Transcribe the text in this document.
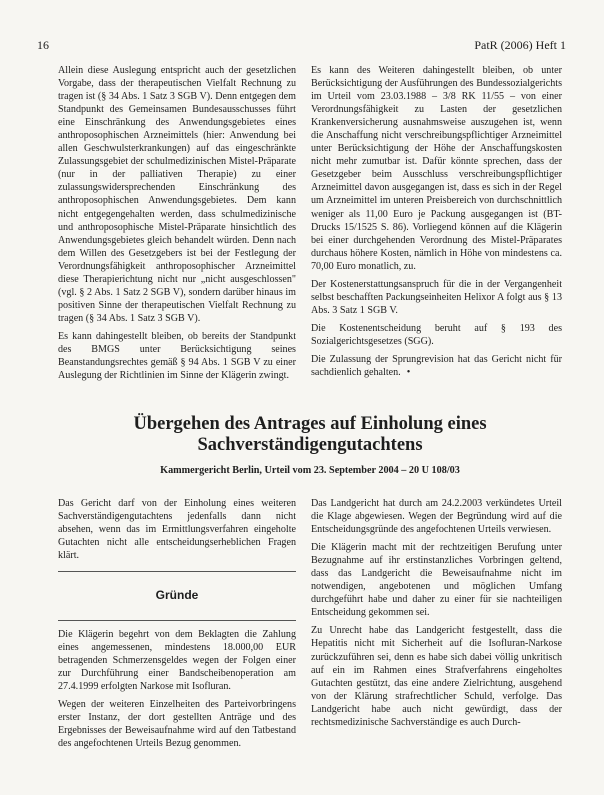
16	PatR (2006) Heft 1

Allein diese Auslegung entspricht auch der gesetzlichen Vorgabe, dass der therapeutischen Vielfalt Rechnung zu tragen ist (§ 34 Abs. 1 Satz 3 SGB V). Denn entgegen dem Standpunkt des Gemeinsamen Bundesausschusses führt eine Einschränkung des Anwendungsgebietes eines anthroposophischen Arzneimittels (hier: Anwendung bei allen Geschwulsterkrankungen) auf das eingeschränkte Zulassungsgebiet der schulmedizinischen Mistel-Präparate (nur in der palliativen Therapie) zu einer zulassungswidersprechenden Einschränkung des anthroposophischen Anwendungsgebietes. Dem kann nicht entgegengehalten werden, dass schulmedizinische und anthroposophische Mistel-Präparate hinsichtlich des Anwendungsgebietes gleich behandelt würden. Denn nach dem Willen des Gesetzgebers ist bei der Festlegung der Verordnungsfähigkeit anthroposophischer Arzneimittel diese Therapierichtung nicht nur „nicht ausgeschlossen" (vgl. § 2 Abs. 1 Satz 2 SGB V), sondern darüber hinaus im positiven Sinne der therapeutischen Vielfalt Rechnung zu tragen (§ 34 Abs. 1 Satz 3 SGB V).

Es kann dahingestellt bleiben, ob bereits der Standpunkt des BMGS unter Berücksichtigung seines Beanstandungsrechtes gemäß § 94 Abs. 1 SGB V zu einer Auslegung der Richtlinien im Sinne der Klägerin zwingt.

Es kann des Weiteren dahingestellt bleiben, ob unter Berücksichtigung der Ausführungen des Bundessozialgerichts im Urteil vom 23.03.1988 – 3/8 RK 11/55 – von einer Verordnungsfähigkeit zu Lasten der gesetzlichen Krankenversicherung ausnahmsweise auszugehen ist, wenn die Anschaffung nicht verschreibungspflichtiger Arzneimittel unter Berücksichtigung der Höhe der Anschaffungskosten nicht mehr zumutbar ist. Dafür könnte sprechen, dass der Gesetzgeber beim Ausschluss verschreibungspflichtiger Arzneimittel davon ausgegangen ist, dass es sich in der Regel um Arzneimittel im unteren Preisbereich von durchschnittlich weniger als 11,00 Euro je Packung ausgegangen ist (BT-Drucks 15/1525 S. 86). Vorliegend können auf die Klägerin bei einer durchgehenden Verordnung des Mistel-Präparates durchaus höhere Kosten, nämlich in Höhe von mindestens ca. 70,00 Euro monatlich, zu.

Der Kostenerstattungsanspruch für die in der Vergangenheit selbst beschafften Packungseinheiten Helixor A folgt aus § 13 Abs. 3 Satz 1 SGB V.

Die Kostenentscheidung beruht auf § 193 des Sozialgerichtsgesetzes (SGG).

Die Zulassung der Sprungrevision hat das Gericht nicht für sachdienlich gehalten. •

Übergehen des Antrages auf Einholung eines Sachverständigengutachtens
Kammergericht Berlin, Urteil vom 23. September 2004 – 20 U 108/03

Das Gericht darf von der Einholung eines weiteren Sachverständigengutachtens jedenfalls dann nicht absehen, wenn das im Ermittlungsverfahren eingeholte Gutachten nicht alle entscheidungserheblichen Fragen klärt.

Gründe

Die Klägerin begehrt von dem Beklagten die Zahlung eines angemessenen, mindestens 18.000,00 EUR betragenden Schmerzensgeldes wegen der Folgen einer zur Durchführung einer Bandscheibenoperation am 27.4.1999 erfolgten Narkose mit Isofluran.

Wegen der weiteren Einzelheiten des Parteivorbringens erster Instanz, der dort gestellten Anträge und des Ergebnisses der Beweisaufnahme wird auf den Tatbestand des angefochtenen Urteils Bezug genommen.

Das Landgericht hat durch am 24.2.2003 verkündetes Urteil die Klage abgewiesen. Wegen der Begründung wird auf die Entscheidungsgründe des angefochtenen Urteils verwiesen.

Die Klägerin macht mit der rechtzeitigen Berufung unter Bezugnahme auf ihr erstinstanzliches Vorbringen geltend, dass das Landgericht die Beweisaufnahme nicht im notwendigen, angebotenen und möglichen Umfang durchgeführt habe und daher zu einer für sie nachteiligen Entscheidung gekommen sei.

Zu Unrecht habe das Landgericht festgestellt, dass die Hepatitis nicht mit Sicherheit auf die Isofluran-Narkose zurückzuführen sei, denn es habe sich dabei völlig unkritisch auf ein im Rahmen eines Strafverfahrens eingeholtes Gutachten gestützt, das eine andere Zielrichtung, ausgehend von der Klärung strafrechtlicher Schuld, verfolge. Das Landgericht habe auch nicht gewürdigt, dass der rechtsmedizinische Sachverständige es auch Durch-
